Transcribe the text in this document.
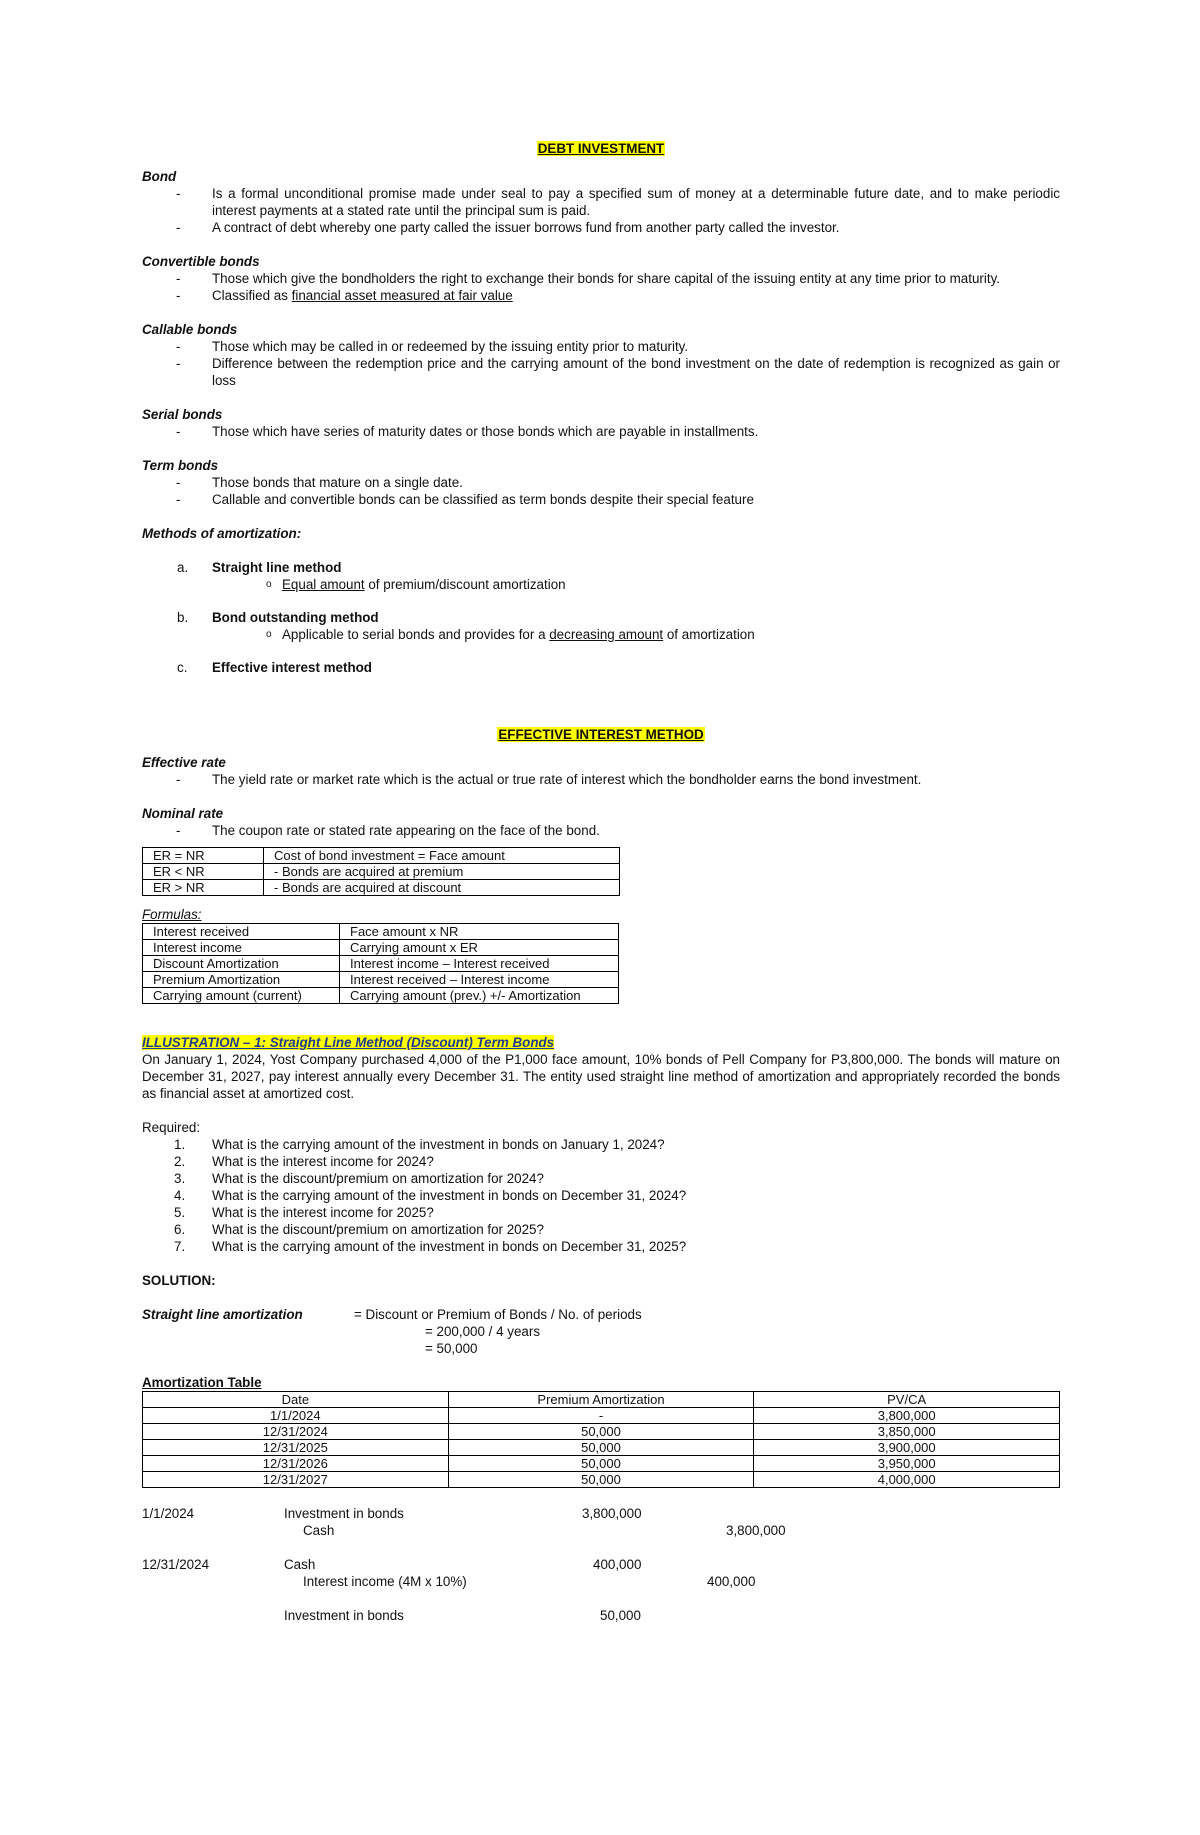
DEBT INVESTMENT

Bond

- Is a formal unconditional promise made under seal to pay a specified sum of money at a determinable future date, and to make periodic interest payments at a stated rate until the principal sum is paid.
- A contract of debt whereby one party called the issuer borrows fund from another party called the investor.

Convertible bonds

- Those which give the bondholders the right to exchange their bonds for share capital of the issuing entity at any time prior to maturity.
- Classified as financial asset measured at fair value

Callable bonds

- Those which may be called in or redeemed by the issuing entity prior to maturity.
- Difference between the redemption price and the carrying amount of the bond investment on the date of redemption is recognized as gain or loss

Serial bonds

- Those which have series of maturity dates or those bonds which are payable in installments.

Term bonds

- Those bonds that mature on a single date.
- Callable and convertible bonds can be classified as term bonds despite their special feature

Methods of amortization:

a. Straight line method
o Equal amount of premium/discount amortization
b. Bond outstanding method
o Applicable to serial bonds and provides for a decreasing amount of amortization
c. Effective interest method
EFFECTIVE INTEREST METHOD

Effective rate

- The yield rate or market rate which is the actual or true rate of interest which the bondholder earns the bond investment.

Nominal rate

- The coupon rate or stated rate appearing on the face of the bond.
ER = NR	Cost of bond investment = Face amount
ER < NR	- Bonds are acquired at premium
ER > NR	- Bonds are acquired at discount

Formulas:

Interest received	Face amount x NR
Interest income	Carrying amount x ER
Discount Amortization	Interest income – Interest received
Premium Amortization	Interest received – Interest income
Carrying amount (current)	Carrying amount (prev.) +/- Amortization
ILLUSTRATION – 1: Straight Line Method (Discount) Term Bonds
On January 1, 2024, Yost Company purchased 4,000 of the P1,000 face amount, 10% bonds of Pell Company for P3,800,000. The bonds will mature on December 31, 2027, pay interest annually every December 31. The entity used straight line method of amortization and appropriately recorded the bonds as financial asset at amortized cost.
Required:
1. What is the carrying amount of the investment in bonds on January 1, 2024?
2. What is the interest income for 2024?
3. What is the discount/premium on amortization for 2024?
4. What is the carrying amount of the investment in bonds on December 31, 2024?
5. What is the interest income for 2025?
6. What is the discount/premium on amortization for 2025?
7. What is the carrying amount of the investment in bonds on December 31, 2025?
SOLUTION:
Straight line amortization	= Discount or Premium of Bonds / No. of periods
= 200,000 / 4 years
= 50,000
Amortization Table
Date	Premium Amortization	PV/CA
1/1/2024	-	3,800,000
12/31/2024	50,000	3,850,000
12/31/2025	50,000	3,900,000
12/31/2026	50,000	3,950,000
12/31/2027	50,000	4,000,000
1/1/2024	Investment in bonds	3,800,000
Cash	3,800,000
12/31/2024	Cash	400,000
Interest income (4M x 10%)	400,000
Investment in bonds	50,000
